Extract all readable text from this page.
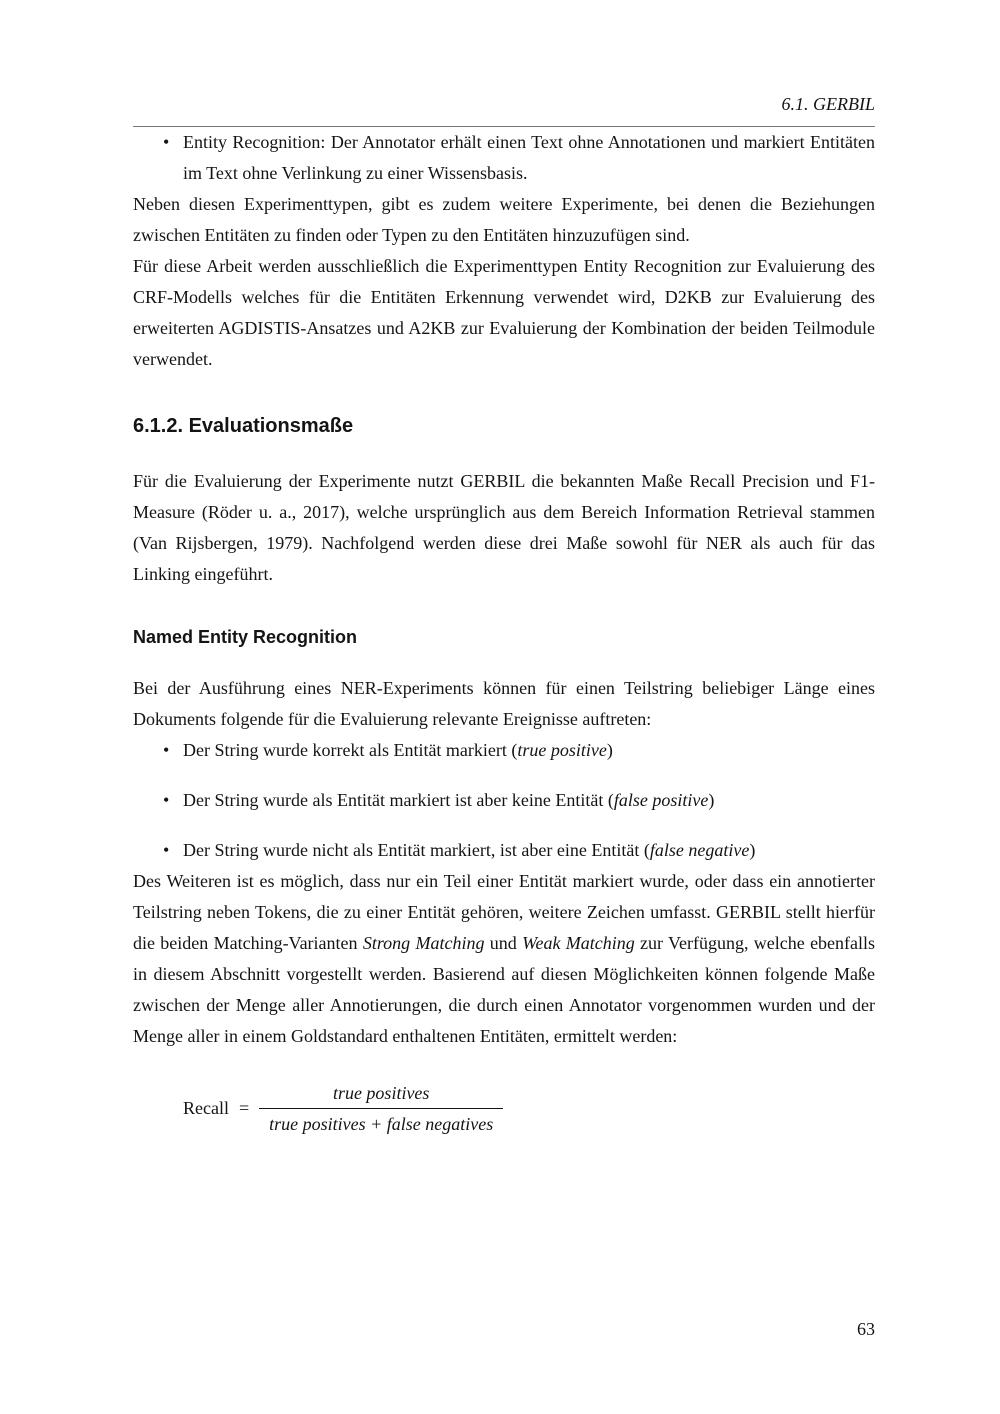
6.1. GERBIL
• Entity Recognition: Der Annotator erhält einen Text ohne Annotationen und markiert Entitäten im Text ohne Verlinkung zu einer Wissensbasis.

Neben diesen Experimenttypen, gibt es zudem weitere Experimente, bei denen die Beziehungen zwischen Entitäten zu finden oder Typen zu den Entitäten hinzuzufügen sind.

Für diese Arbeit werden ausschließlich die Experimenttypen Entity Recognition zur Evaluierung des CRF-Modells welches für die Entitäten Erkennung verwendet wird, D2KB zur Evaluierung des erweiterten AGDISTIS-Ansatzes und A2KB zur Evaluierung der Kombination der beiden Teilmodule verwendet.

6.1.2. Evaluationsmaße

Für die Evaluierung der Experimente nutzt GERBIL die bekannten Maße Recall Precision und F1-Measure (Röder u. a., 2017), welche ursprünglich aus dem Bereich Information Retrieval stammen (Van Rijsbergen, 1979). Nachfolgend werden diese drei Maße sowohl für NER als auch für das Linking eingeführt.

Named Entity Recognition

Bei der Ausführung eines NER-Experiments können für einen Teilstring beliebiger Länge eines Dokuments folgende für die Evaluierung relevante Ereignisse auftreten:

• Der String wurde korrekt als Entität markiert (true positive)
• Der String wurde als Entität markiert ist aber keine Entität (false positive)
• Der String wurde nicht als Entität markiert, ist aber eine Entität (false negative)

Des Weiteren ist es möglich, dass nur ein Teil einer Entität markiert wurde, oder dass ein annotierter Teilstring neben Tokens, die zu einer Entität gehören, weitere Zeichen umfasst. GERBIL stellt hierfür die beiden Matching-Varianten Strong Matching und Weak Matching zur Verfügung, welche ebenfalls in diesem Abschnitt vorgestellt werden. Basierend auf diesen Möglichkeiten können folgende Maße zwischen der Menge aller Annotierungen, die durch einen Annotator vorgenommen wurden und der Menge aller in einem Goldstandard enthaltenen Entitäten, ermittelt werden:

Recall = $\frac{\text{true positives}}{\text{true positives + false negatives}}$
63
